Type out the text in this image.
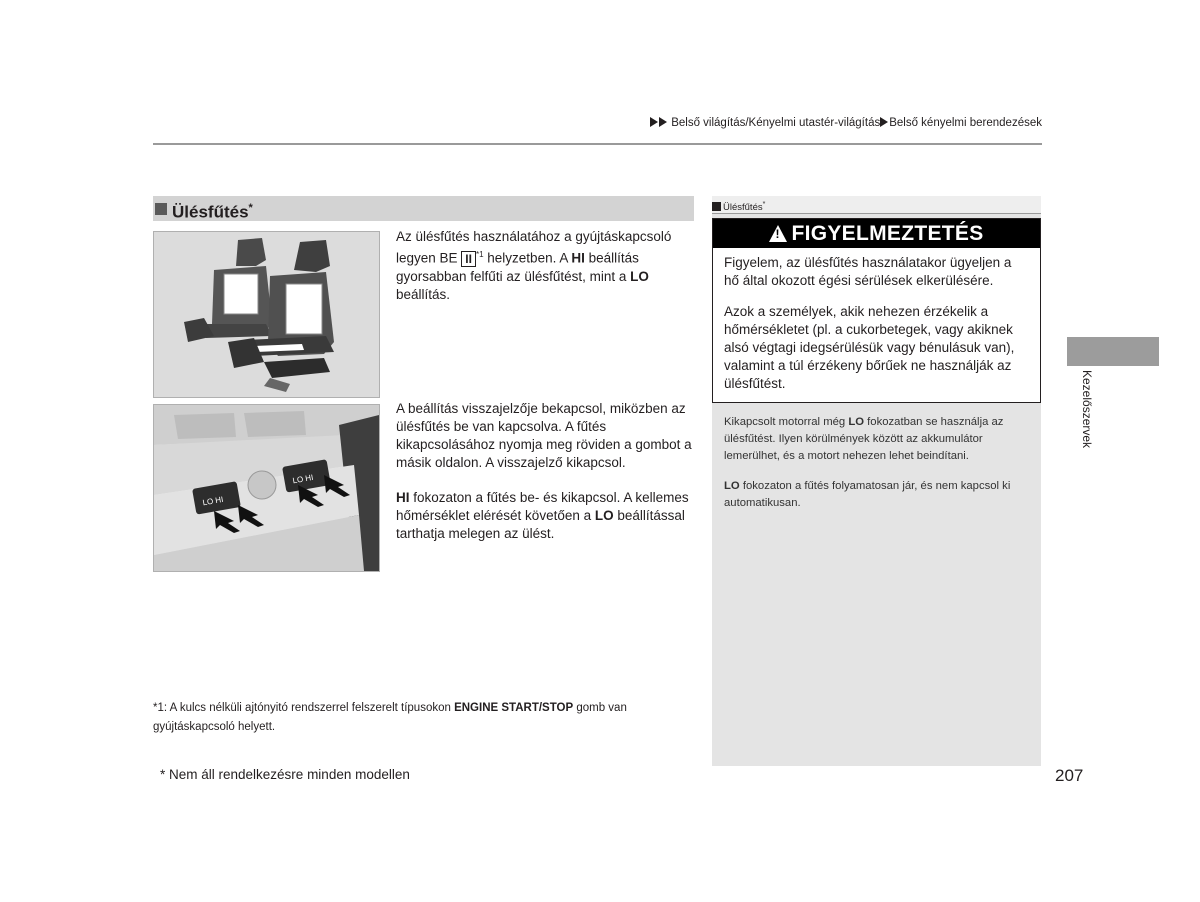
Belső világítás/Kényelmi utastér-világítás Belső kényelmi berendezések
Ülésfűtés*
LO HI
LO HI
Az ülésfűtés használatához a gyújtáskapcsoló legyen BE II $^{*1}$ helyzetben. A HI beállítás gyorsabban felfűti az ülésfűtést, mint a LO beállítás.
A beállítás visszajelzője bekapcsol, miközben az ülésfűtés be van kapcsolva. A fűtés kikapcsolásához nyomja meg röviden a gombot a másik oldalon. A visszajelző kikapcsol.
HI fokozaton a fűtés be- és kikapcsol. A kellemes hőmérséklet elérését követően a LO beállítással tarthatja melegen az ülést.
*1: A kulcs nélküli ajtónyitó rendszerrel felszerelt típusokon ENGINE START/STOP gomb van gyújtáskapcsoló helyett.
* Nem áll rendelkezésre minden modellen	207
Ülésfűtés*
!FIGYELMEZTETÉS
Figyelem, az ülésfűtés használatakor ügyeljen a hő által okozott égési sérülések elkerülésére.
Azok a személyek, akik nehezen érzékelik a hőmérsékletet (pl. a cukorbetegek, vagy akiknek alsó végtagi idegsérülésük vagy bénulásuk van), valamint a túl érzékeny bőrűek ne használják az ülésfűtést.
Kikapcsolt motorral még LO fokozatban se használja az ülésfűtést. Ilyen körülmények között az akkumulátor lemerülhet, és a motort nehezen lehet beindítani.
LO fokozaton a fűtés folyamatosan jár, és nem kapcsol ki automatikusan.
Kezelőszervek
